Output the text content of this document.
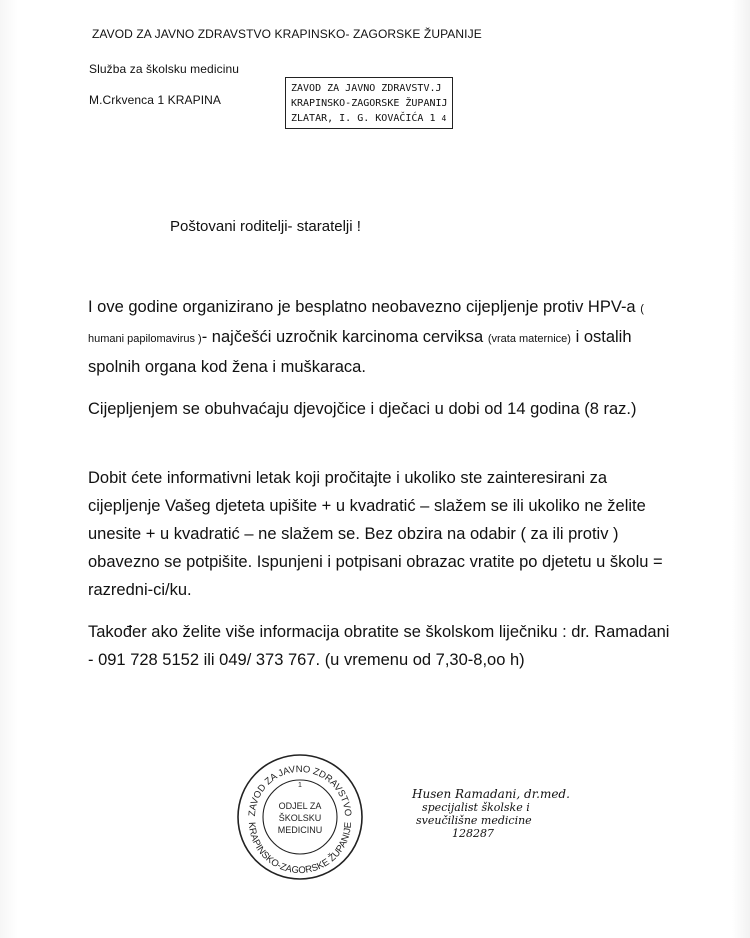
ZAVOD ZA JAVNO ZDRAVSTVO KRAPINSKO- ZAGORSKE ŽUPANIJE
Služba za školsku medicinu
M.Crkvenca 1 KRAPINA
ZAVOD ZA JAVNO ZDRAVSTV.J
KRAPINSKO-ZAGORSKE ŽUPANIJ
ZLATAR, I. G. KOVAČIĆA 1 4
Poštovani roditelji- staratelji !

I ove godine organizirano je besplatno neobavezno cijepljenje protiv HPV-a ( humani papilomavirus )- najčešći uzročnik karcinoma cerviksa (vrata maternice) i ostalih spolnih organa kod žena i muškaraca.

Cijepljenjem se obuhvaćaju djevojčice i dječaci u dobi od 14 godina (8 raz.)

Dobit ćete informativni letak koji pročitajte i ukoliko ste zainteresirani za cijepljenje Vašeg djeteta upišite + u kvadratić – slažem se ili ukoliko ne želite unesite + u kvadratić – ne slažem se. Bez obzira na odabir ( za ili protiv ) obavezno se potpišite. Ispunjeni i potpisani obrazac vratite po djetetu u školu = razredni-ci/ku.

Također ako želite više informacija obratite se školskom liječniku : dr. Ramadani - 091 728 5152 ili 049/ 373 767. (u vremenu od 7,30-8,oo h)

ZAVOD ZA JAVNO ZDRAVSTVO
KRAPINSKO-ZAGORSKE ŽUPANIJE
1
ODJEL ZA
ŠKOLSKU
MEDICINU
Husen Ramadani, dr.med.
specijalist školske i
sveučilišne medicine
128287
